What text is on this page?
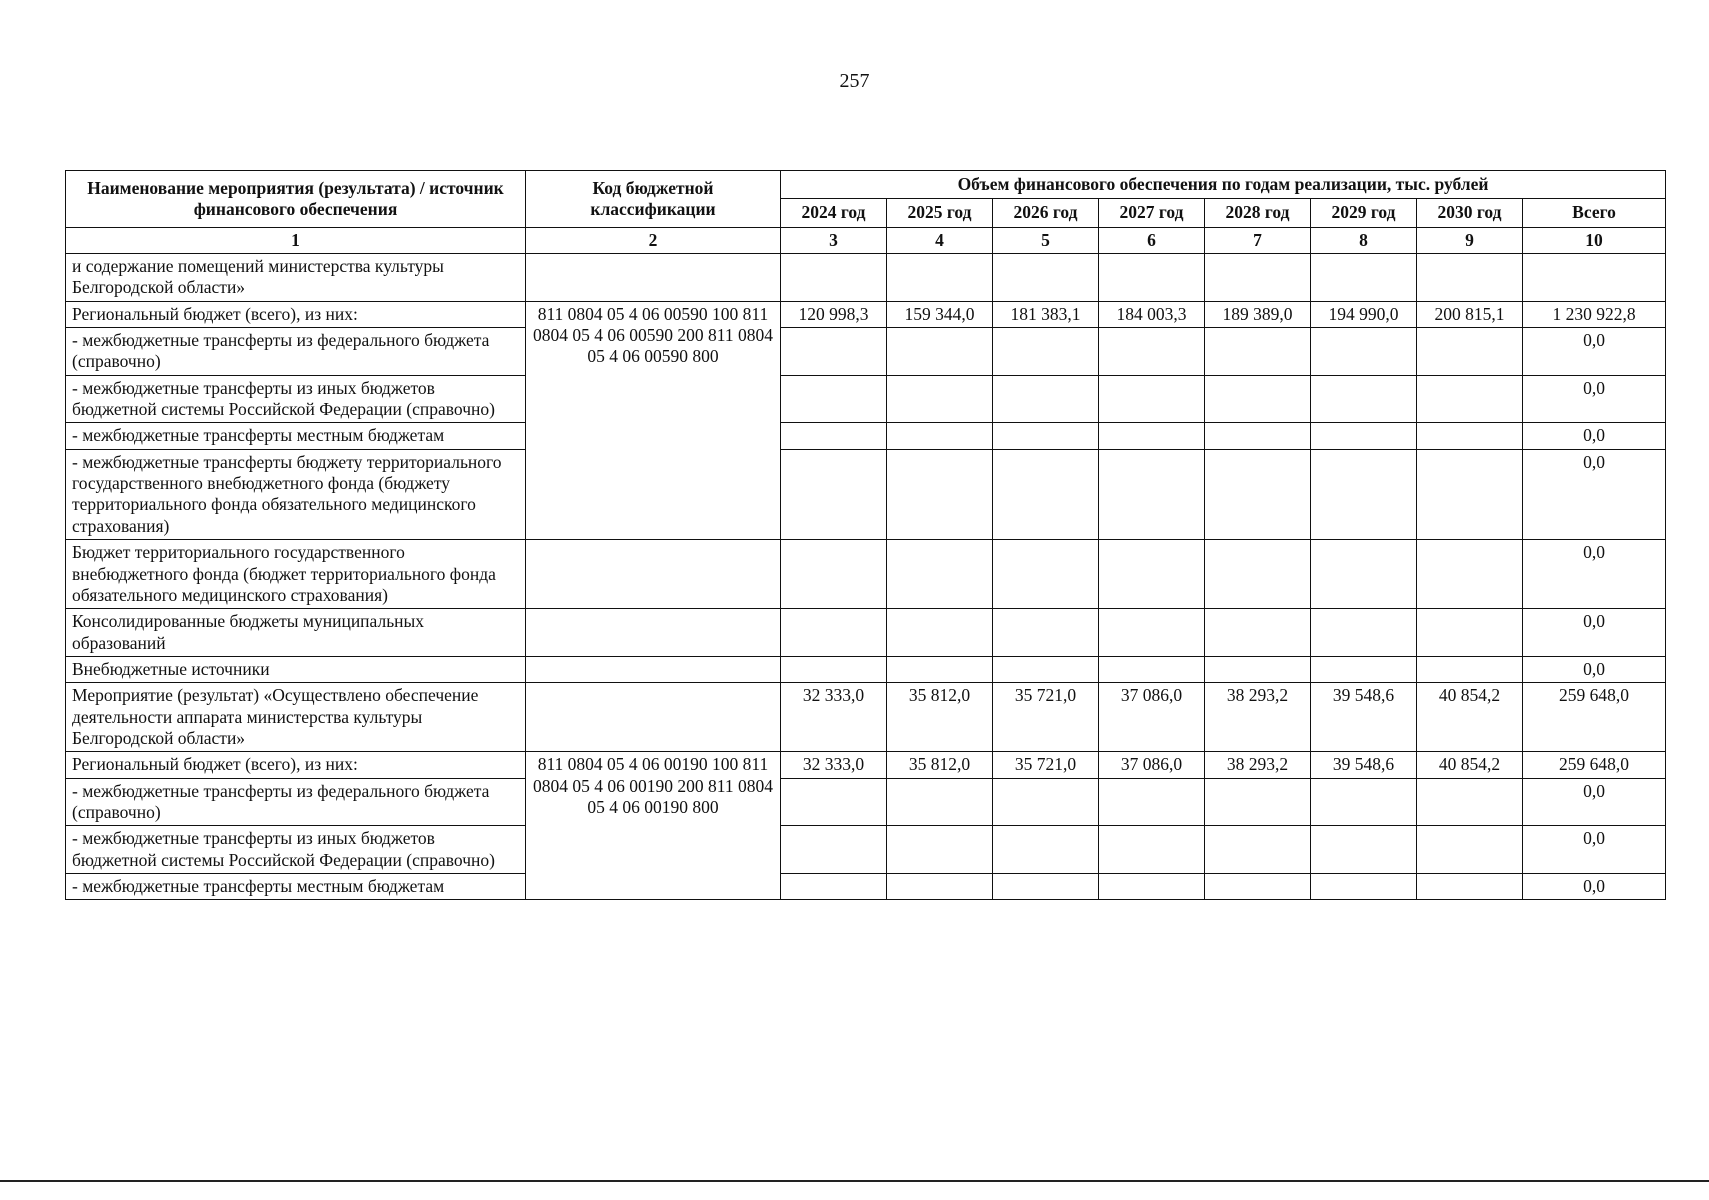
257
Наименование мероприятия (результата) / источник финансового обеспечения	Код бюджетной классификации	Объем финансового обеспечения по годам реализации, тыс. рублей							
		2024 год	2025 год	2026 год	2027 год	2028 год	2029 год	2030 год	Всего
1	2	3	4	5	6	7	8	9	10
и содержание помещений министерства культуры Белгородской области»									
Региональный бюджет (всего), из них:	811 0804 05 4 06 00590 100 811 0804 05 4 06 00590 200 811 0804 05 4 06 00590 800	120 998,3	159 344,0	181 383,1	184 003,3	189 389,0	194 990,0	200 815,1	1 230 922,8
- межбюджетные трансферты из федерального бюджета (справочно)									0,0
- межбюджетные трансферты из иных бюджетов бюджетной системы Российской Федерации (справочно)									0,0
- межбюджетные трансферты местным бюджетам									0,0
- межбюджетные трансферты бюджету территориального государственного внебюджетного фонда (бюджету территориального фонда обязательного медицинского страхования)									0,0
Бюджет территориального государственного внебюджетного фонда (бюджет территориального фонда обязательного медицинского страхования)									0,0
Консолидированные бюджеты муниципальных образований									0,0
Внебюджетные источники									0,0
Мероприятие (результат) «Осуществлено обеспечение деятельности аппарата министерства культуры Белгородской области»		32 333,0	35 812,0	35 721,0	37 086,0	38 293,2	39 548,6	40 854,2	259 648,0
Региональный бюджет (всего), из них:	811 0804 05 4 06 00190 100 811 0804 05 4 06 00190 200 811 0804 05 4 06 00190 800	32 333,0	35 812,0	35 721,0	37 086,0	38 293,2	39 548,6	40 854,2	259 648,0
- межбюджетные трансферты из федерального бюджета (справочно)									0,0
- межбюджетные трансферты из иных бюджетов бюджетной системы Российской Федерации (справочно)									0,0
- межбюджетные трансферты местным бюджетам									0,0
